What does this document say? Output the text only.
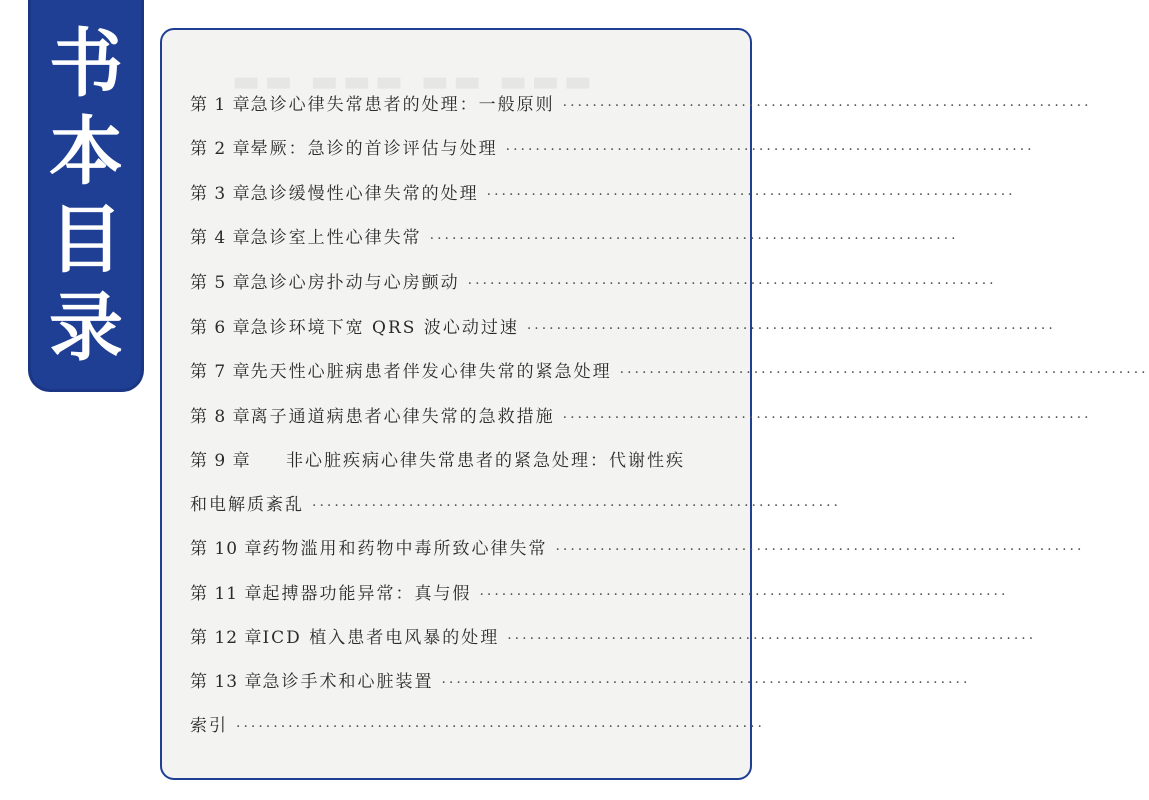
书
本
目
录
▬▬ ▬▬▬ ▬▬ ▬▬▬
第 1 章 急诊心律失常患者的处理：一般原则 ·······································································
第 2 章 晕厥：急诊的首诊评估与处理 ·······································································
第 3 章 急诊缓慢性心律失常的处理 ·······································································
第 4 章 急诊室上性心律失常 ·······································································
第 5 章 急诊心房扑动与心房颤动 ·······································································
第 6 章 急诊环境下宽 QRS 波心动过速 ·······································································
第 7 章 先天性心脏病患者伴发心律失常的紧急处理 ·······································································
第 8 章 离子通道病患者心律失常的急救措施 ·······································································
第 9 章	非心脏疾病心律失常患者的紧急处理：代谢性疾
和电解质紊乱 ·······································································
第 10 章 药物滥用和药物中毒所致心律失常 ·······································································
第 11 章 起搏器功能异常：真与假 ·······································································
第 12 章 ICD 植入患者电风暴的处理 ·······································································
第 13 章 急诊手术和心脏装置 ·······································································
索引 ·······································································
